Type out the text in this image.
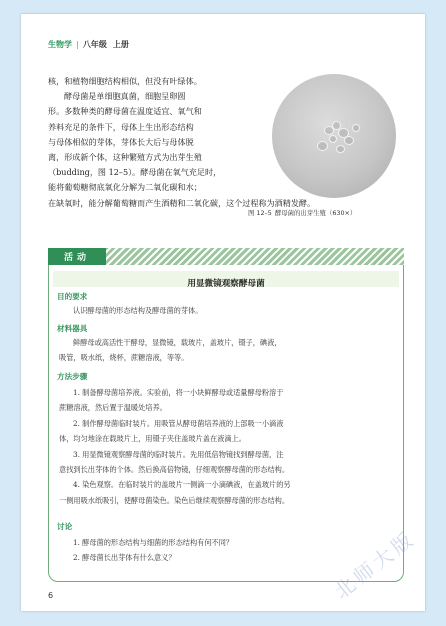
生物学 | 八年级 上册

核，和植物细胞结构相似，但没有叶绿体。

酵母菌是单细胞真菌，细胞呈卵圆

形。多数种类的酵母菌在温度适宜、氧气和

养料充足的条件下，母体上生出形态结构

与母体相似的芽体，芽体长大后与母体脱

离，形成新个体，这种繁殖方式为出芽生殖

（budding，图 12–5）。酵母菌在氧气充足时，

能将葡萄糖彻底氧化分解为二氧化碳和水；

在缺氧时，能分解葡萄糖而产生酒精和二氧化碳，这个过程称为酒精发酵。

图 12–5 酵母菌的出芽生殖（630×）
活动
用显微镜观察酵母菌
目的要求

认识酵母菌的形态结构及酵母菌的芽体。

材料器具

鲜酵母或高活性干酵母，显微镜，载玻片，盖玻片，镊子，碘液，

吸管，吸水纸，烧杯，蔗糖溶液，等等。

方法步骤

1. 制备酵母菌培养液。实验前，将一小块鲜酵母或适量酵母粉溶于

蔗糖溶液，然后置于温暖处培养。

2. 制作酵母菌临时装片。用吸管从酵母菌培养液的上部吸一小滴液

体，均匀地涂在载玻片上，用镊子夹住盖玻片盖在液滴上。

3. 用显微镜观察酵母菌的临时装片。先用低倍物镜找到酵母菌，注

意找到长出芽体的个体。然后换高倍物镜，仔细观察酵母菌的形态结构。

4. 染色观察。在临时装片的盖玻片一侧滴一小滴碘液，在盖玻片的另

一侧用吸水纸吸引，使酵母菌染色。染色后继续观察酵母菌的形态结构。

讨论

1. 酵母菌的形态结构与细菌的形态结构有何不同？

2. 酵母菌长出芽体有什么意义？

6	北师大版
